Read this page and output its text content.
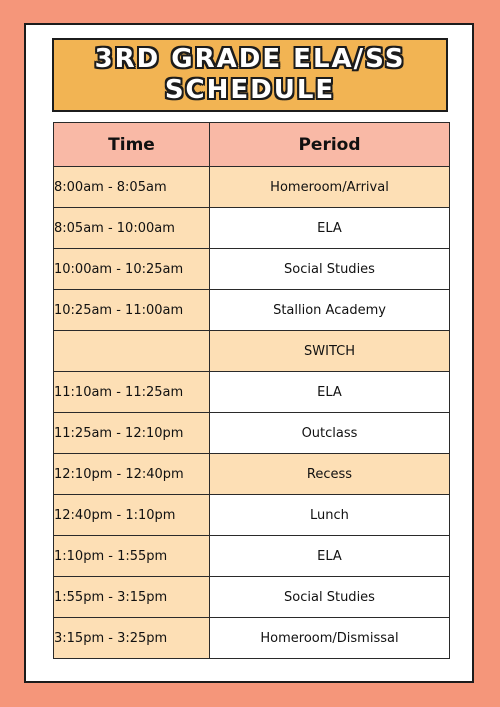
3RD GRADE ELA/SS
SCHEDULE
Time	Period
8:00am - 8:05am	Homeroom/Arrival
8:05am - 10:00am	ELA
10:00am - 10:25am	Social Studies
10:25am - 11:00am	Stallion Academy
	SWITCH
11:10am - 11:25am	ELA
11:25am - 12:10pm	Outclass
12:10pm - 12:40pm	Recess
12:40pm - 1:10pm	Lunch
1:10pm - 1:55pm	ELA
1:55pm - 3:15pm	Social Studies
3:15pm - 3:25pm	Homeroom/Dismissal
